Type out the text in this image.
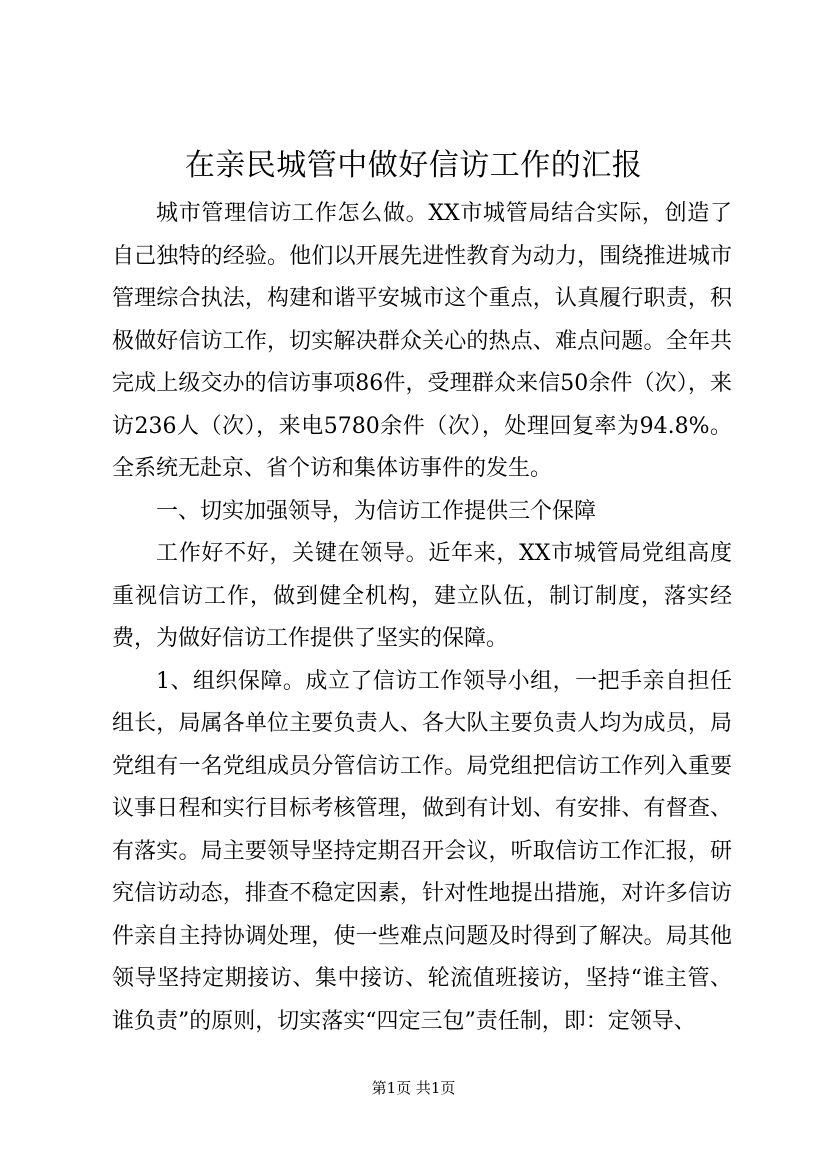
在亲民城管中做好信访工作的汇报

城市管理信访工作怎么做。XX市城管局结合实际，创造了自己独特的经验。他们以开展先进性教育为动力，围绕推进城市管理综合执法，构建和谐平安城市这个重点，认真履行职责，积极做好信访工作，切实解决群众关心的热点、难点问题。全年共完成上级交办的信访事项86件，受理群众来信50余件（次），来访236人（次），来电5780余件（次），处理回复率为94.8%。全系统无赴京、省个访和集体访事件的发生。

一、切实加强领导，为信访工作提供三个保障

工作好不好，关键在领导。近年来，XX市城管局党组高度重视信访工作，做到健全机构，建立队伍，制订制度，落实经费，为做好信访工作提供了坚实的保障。

1、组织保障。成立了信访工作领导小组，一把手亲自担任组长，局属各单位主要负责人、各大队主要负责人均为成员，局党组有一名党组成员分管信访工作。局党组把信访工作列入重要议事日程和实行目标考核管理，做到有计划、有安排、有督查、有落实。局主要领导坚持定期召开会议，听取信访工作汇报，研究信访动态，排查不稳定因素，针对性地提出措施，对许多信访件亲自主持协调处理，使一些难点问题及时得到了解决。局其他领导坚持定期接访、集中接访、轮流值班接访，坚持“谁主管、谁负责”的原则，切实落实“四定三包”责任制，即：定领导、

第1页 共1页
